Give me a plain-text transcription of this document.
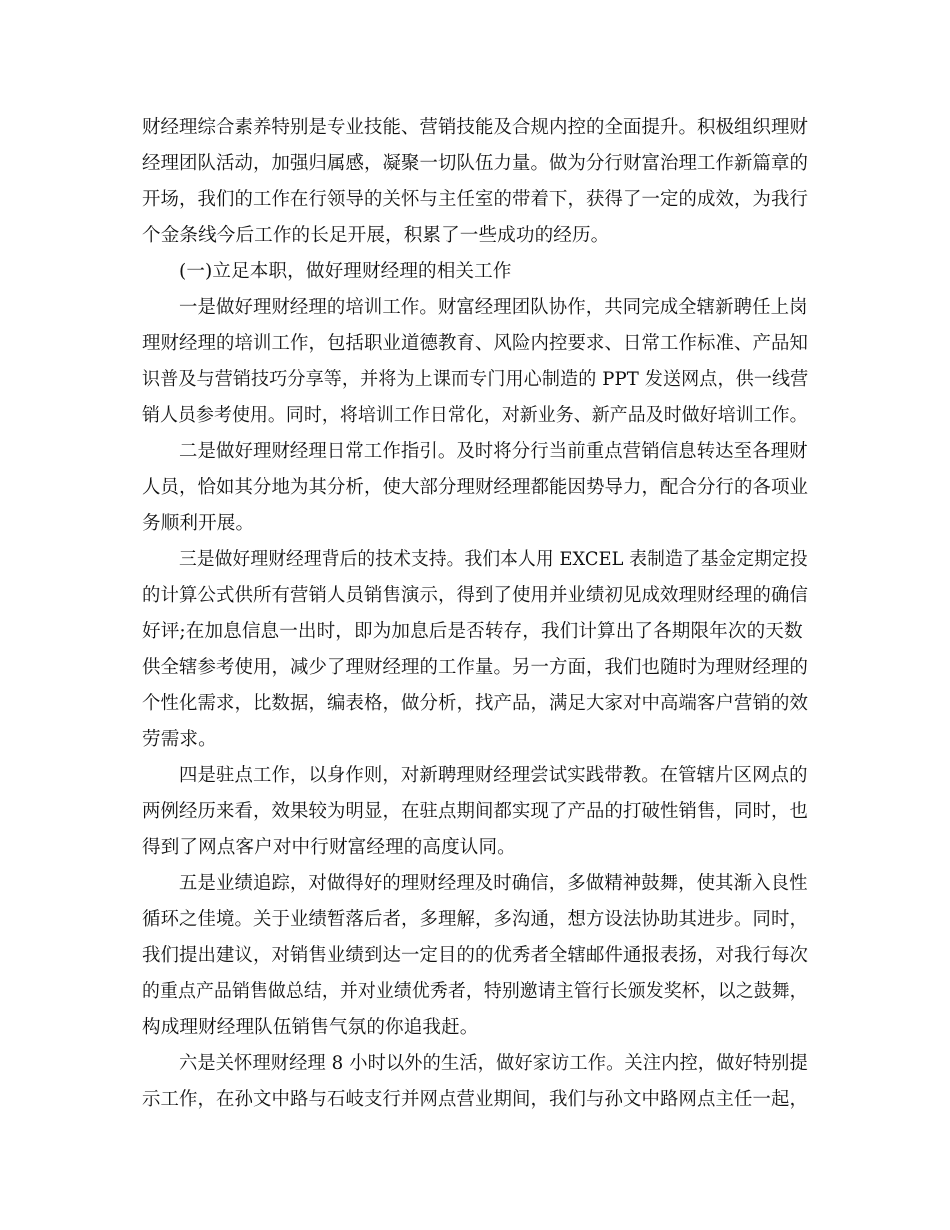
财经理综合素养特别是专业技能、营销技能及合规内控的全面提升。积极组织理财
经理团队活动，加强归属感，凝聚一切队伍力量。做为分行财富治理工作新篇章的
开场，我们的工作在行领导的关怀与主任室的带着下，获得了一定的成效，为我行
个金条线今后工作的长足开展，积累了一些成功的经历。
(一)立足本职，做好理财经理的相关工作
一是做好理财经理的培训工作。财富经理团队协作，共同完成全辖新聘任上岗
理财经理的培训工作，包括职业道德教育、风险内控要求、日常工作标准、产品知
识普及与营销技巧分享等，并将为上课而专门用心制造的 PPT 发送网点，供一线营
销人员参考使用。同时，将培训工作日常化，对新业务、新产品及时做好培训工作。
二是做好理财经理日常工作指引。及时将分行当前重点营销信息转达至各理财
人员，恰如其分地为其分析，使大部分理财经理都能因势导力，配合分行的各项业
务顺利开展。
三是做好理财经理背后的技术支持。我们本人用 EXCEL 表制造了基金定期定投
的计算公式供所有营销人员销售演示，得到了使用并业绩初见成效理财经理的确信
好评;在加息信息一出时，即为加息后是否转存，我们计算出了各期限年次的天数
供全辖参考使用，减少了理财经理的工作量。另一方面，我们也随时为理财经理的
个性化需求，比数据，编表格，做分析，找产品，满足大家对中高端客户营销的效
劳需求。
四是驻点工作，以身作则，对新聘理财经理尝试实践带教。在管辖片区网点的
两例经历来看，效果较为明显，在驻点期间都实现了产品的打破性销售，同时，也
得到了网点客户对中行财富经理的高度认同。
五是业绩追踪，对做得好的理财经理及时确信，多做精神鼓舞，使其渐入良性
循环之佳境。关于业绩暂落后者，多理解，多沟通，想方设法协助其进步。同时，
我们提出建议，对销售业绩到达一定目的的优秀者全辖邮件通报表扬，对我行每次
的重点产品销售做总结，并对业绩优秀者，特别邀请主管行长颁发奖杯，以之鼓舞，
构成理财经理队伍销售气氛的你追我赶。
六是关怀理财经理 8 小时以外的生活，做好家访工作。关注内控，做好特别提
示工作，在孙文中路与石岐支行并网点营业期间，我们与孙文中路网点主任一起，
